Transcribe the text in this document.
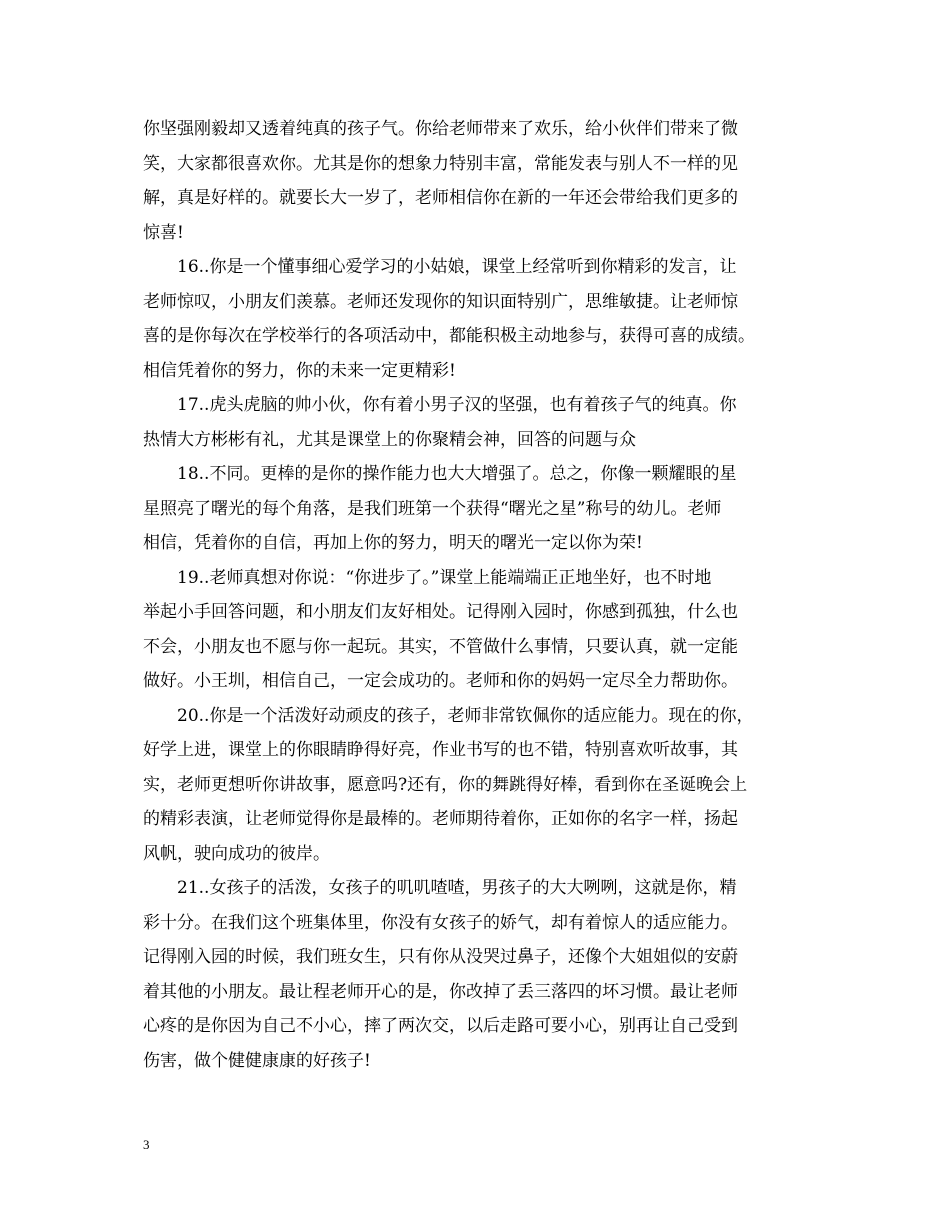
你坚强刚毅却又透着纯真的孩子气。你给老师带来了欢乐，给小伙伴们带来了微
笑，大家都很喜欢你。尤其是你的想象力特别丰富，常能发表与别人不一样的见
解，真是好样的。就要长大一岁了，老师相信你在新的一年还会带给我们更多的
惊喜!

16..你是一个懂事细心爱学习的小姑娘，课堂上经常听到你精彩的发言，让
老师惊叹，小朋友们羡慕。老师还发现你的知识面特别广，思维敏捷。让老师惊
喜的是你每次在学校举行的各项活动中，都能积极主动地参与，获得可喜的成绩。
相信凭着你的努力，你的未来一定更精彩!

17..虎头虎脑的帅小伙，你有着小男子汉的坚强，也有着孩子气的纯真。你
热情大方彬彬有礼，尤其是课堂上的你聚精会神，回答的问题与众

18..不同。更棒的是你的操作能力也大大增强了。总之，你像一颗耀眼的星
星照亮了曙光的每个角落，是我们班第一个获得“曙光之星”称号的幼儿。老师
相信，凭着你的自信，再加上你的努力，明天的曙光一定以你为荣!

19..老师真想对你说：“你进步了。”课堂上能端端正正地坐好，也不时地
举起小手回答问题，和小朋友们友好相处。记得刚入园时，你感到孤独，什么也
不会，小朋友也不愿与你一起玩。其实，不管做什么事情，只要认真，就一定能
做好。小王圳，相信自己，一定会成功的。老师和你的妈妈一定尽全力帮助你。

20..你是一个活泼好动顽皮的孩子，老师非常钦佩你的适应能力。现在的你，
好学上进，课堂上的你眼睛睁得好亮，作业书写的也不错，特别喜欢听故事，其
实，老师更想听你讲故事，愿意吗?还有，你的舞跳得好棒，看到你在圣诞晚会上
的精彩表演，让老师觉得你是最棒的。老师期待着你，正如你的名字一样，扬起
风帆，驶向成功的彼岸。

21..女孩子的活泼，女孩子的叽叽喳喳，男孩子的大大咧咧，这就是你，精
彩十分。在我们这个班集体里，你没有女孩子的娇气，却有着惊人的适应能力。
记得刚入园的时候，我们班女生，只有你从没哭过鼻子，还像个大姐姐似的安蔚
着其他的小朋友。最让程老师开心的是，你改掉了丢三落四的坏习惯。最让老师
心疼的是你因为自己不小心，摔了两次交，以后走路可要小心，别再让自己受到
伤害，做个健健康康的好孩子!

3
